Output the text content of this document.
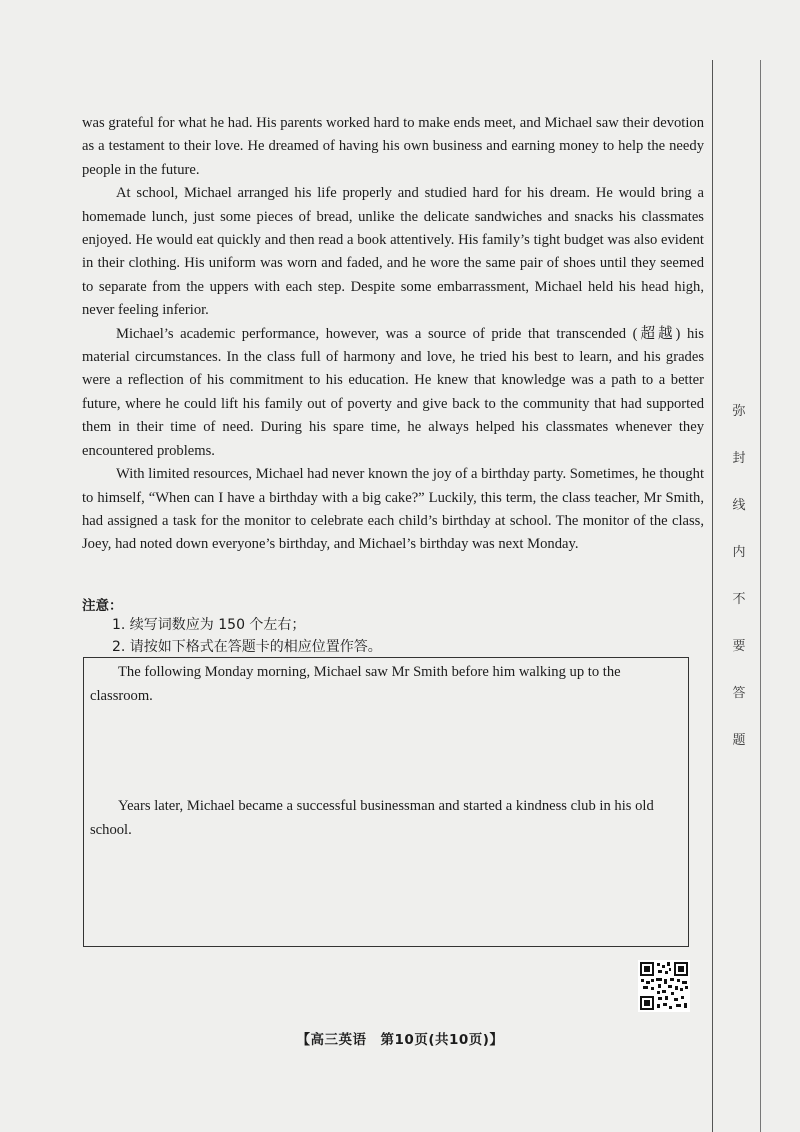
was grateful for what he had. His parents worked hard to make ends meet, and Michael saw their devotion as a testament to their love. He dreamed of having his own business and earning money to help the needy people in the future.

At school, Michael arranged his life properly and studied hard for his dream. He would bring a homemade lunch, just some pieces of bread, unlike the delicate sandwiches and snacks his classmates enjoyed. He would eat quickly and then read a book attentively. His family’s tight budget was also evident in their clothing. His uniform was worn and faded, and he wore the same pair of shoes until they seemed to separate from the uppers with each step. Despite some embarrassment, Michael held his head high, never feeling inferior.

Michael’s academic performance, however, was a source of pride that transcended (超越) his material circumstances. In the class full of harmony and love, he tried his best to learn, and his grades were a reflection of his commitment to his education. He knew that knowledge was a path to a better future, where he could lift his family out of poverty and give back to the community that had supported them in their time of need. During his spare time, he always helped his classmates whenever they encountered problems.

With limited resources, Michael had never known the joy of a birthday party. Sometimes, he thought to himself, “When can I have a birthday with a big cake?” Luckily, this term, the class teacher, Mr Smith, had assigned a task for the monitor to celebrate each child’s birthday at school. The monitor of the class, Joey, had noted down everyone’s birthday, and Michael’s birthday was next Monday.

注意：
1. 续写词数应为 150 个左右；
2. 请按如下格式在答题卡的相应位置作答。

The following Monday morning, Michael saw Mr Smith before him walking up to the classroom.

Years later, Michael became a successful businessman and started a kindness club in his old school.

【高三英语　第10页(共10页)】
弥
封
线
内
不
要
答
题
